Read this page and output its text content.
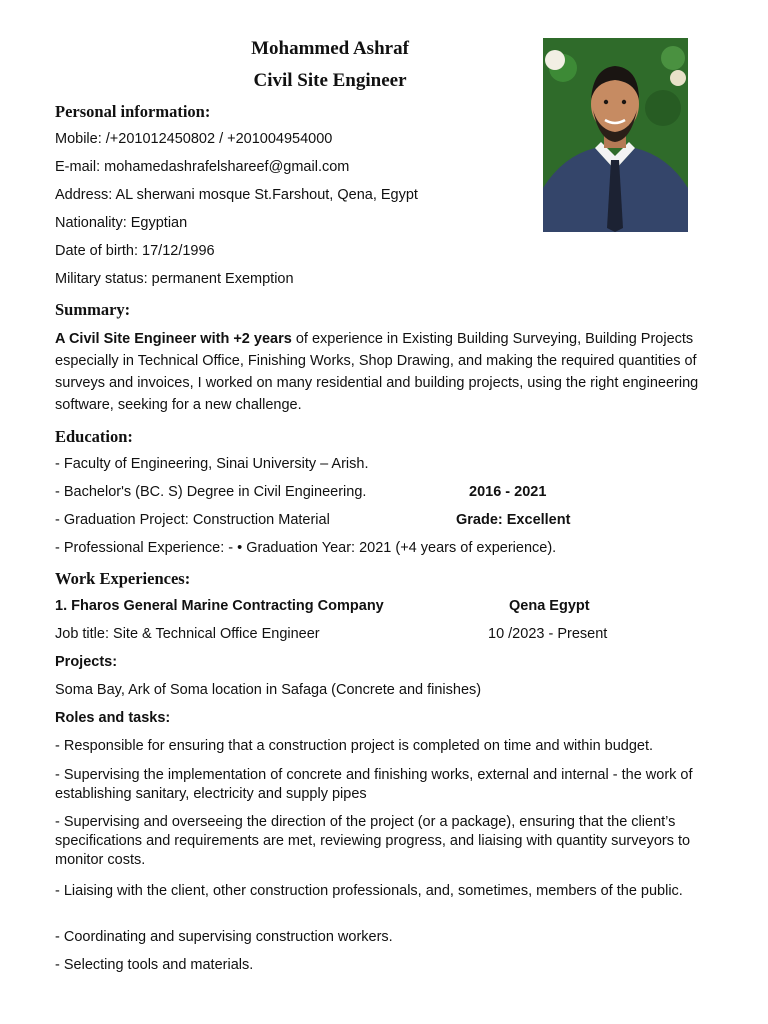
Mohammed Ashraf
Civil Site Engineer
Personal information:
Mobile: /+201012450802 / +201004954000
E-mail: mohamedashrafelshareef@gmail.com
Address: AL sherwani mosque St.Farshout, Qena, Egypt
Nationality: Egyptian
Date of birth: 17/12/1996
Military status: permanent Exemption
Summary:
A Civil Site Engineer with +2 years of experience in Existing Building Surveying, Building Projects especially in Technical Office, Finishing Works, Shop Drawing, and making the required quantities of surveys and invoices, I worked on many residential and building projects, using the right engineering software, seeking for a new challenge.
Education:
- Faculty of Engineering, Sinai University – Arish.
- Bachelor's (BC. S) Degree in Civil Engineering.	2016 - 2021
- Graduation Project: Construction Material	Grade: Excellent
- Professional Experience: - • Graduation Year: 2021 (+4 years of experience).
Work Experiences:
1. Fharos General Marine Contracting Company	Qena Egypt
Job title: Site & Technical Office Engineer	10 /2023 - Present
Projects:
Soma Bay, Ark of Soma location in Safaga (Concrete and finishes)
Roles and tasks:
- Responsible for ensuring that a construction project is completed on time and within budget.
- Supervising the implementation of concrete and finishing works, external and internal - the work of establishing sanitary, electricity and supply pipes
- Supervising and overseeing the direction of the project (or a package), ensuring that the client’s specifications and requirements are met, reviewing progress, and liaising with quantity surveyors to monitor costs.
- Liaising with the client, other construction professionals, and, sometimes, members of the public.
- Coordinating and supervising construction workers.
- Selecting tools and materials.
